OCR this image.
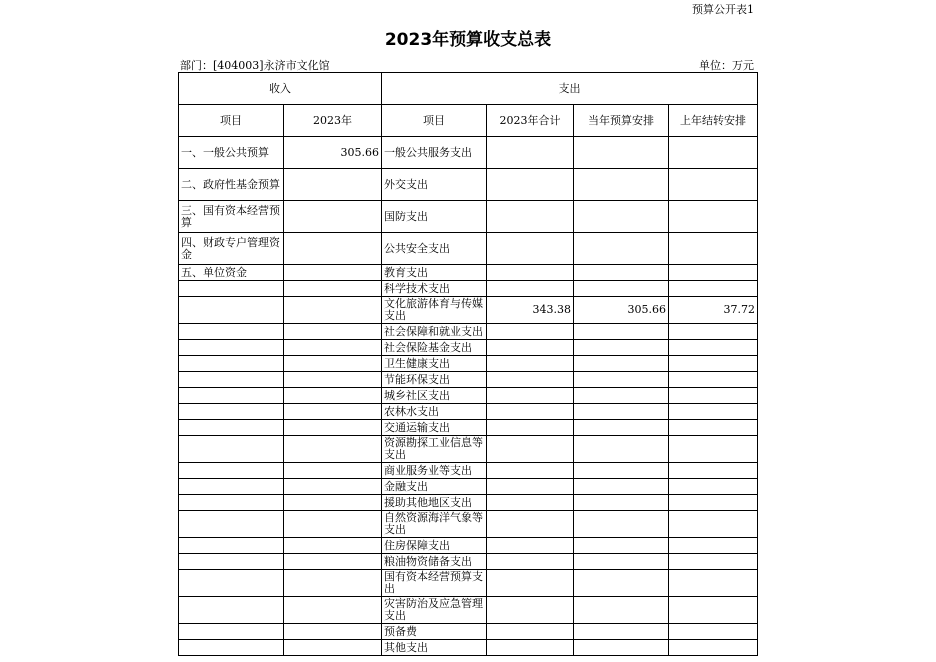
预算公开表1
2023年预算收支总表
部门：[404003]永济市文化馆	单位：万元
收入		支出			
项目	2023年	项目	2023年合计	当年预算安排	上年结转安排
一、一般公共预算	305.66	一般公共服务支出			
二、政府性基金预算		外交支出			
三、国有资本经营预算		国防支出			
四、财政专户管理资金		公共安全支出			
五、单位资金		教育支出			
		科学技术支出			
		文化旅游体育与传媒支出	343.38	305.66	37.72
		社会保障和就业支出			
		社会保险基金支出			
		卫生健康支出			
		节能环保支出			
		城乡社区支出			
		农林水支出			
		交通运输支出			
		资源勘探工业信息等支出			
		商业服务业等支出			
		金融支出			
		援助其他地区支出			
		自然资源海洋气象等支出			
		住房保障支出			
		粮油物资储备支出			
		国有资本经营预算支出			
		灾害防治及应急管理支出			
		预备费			
		其他支出			
